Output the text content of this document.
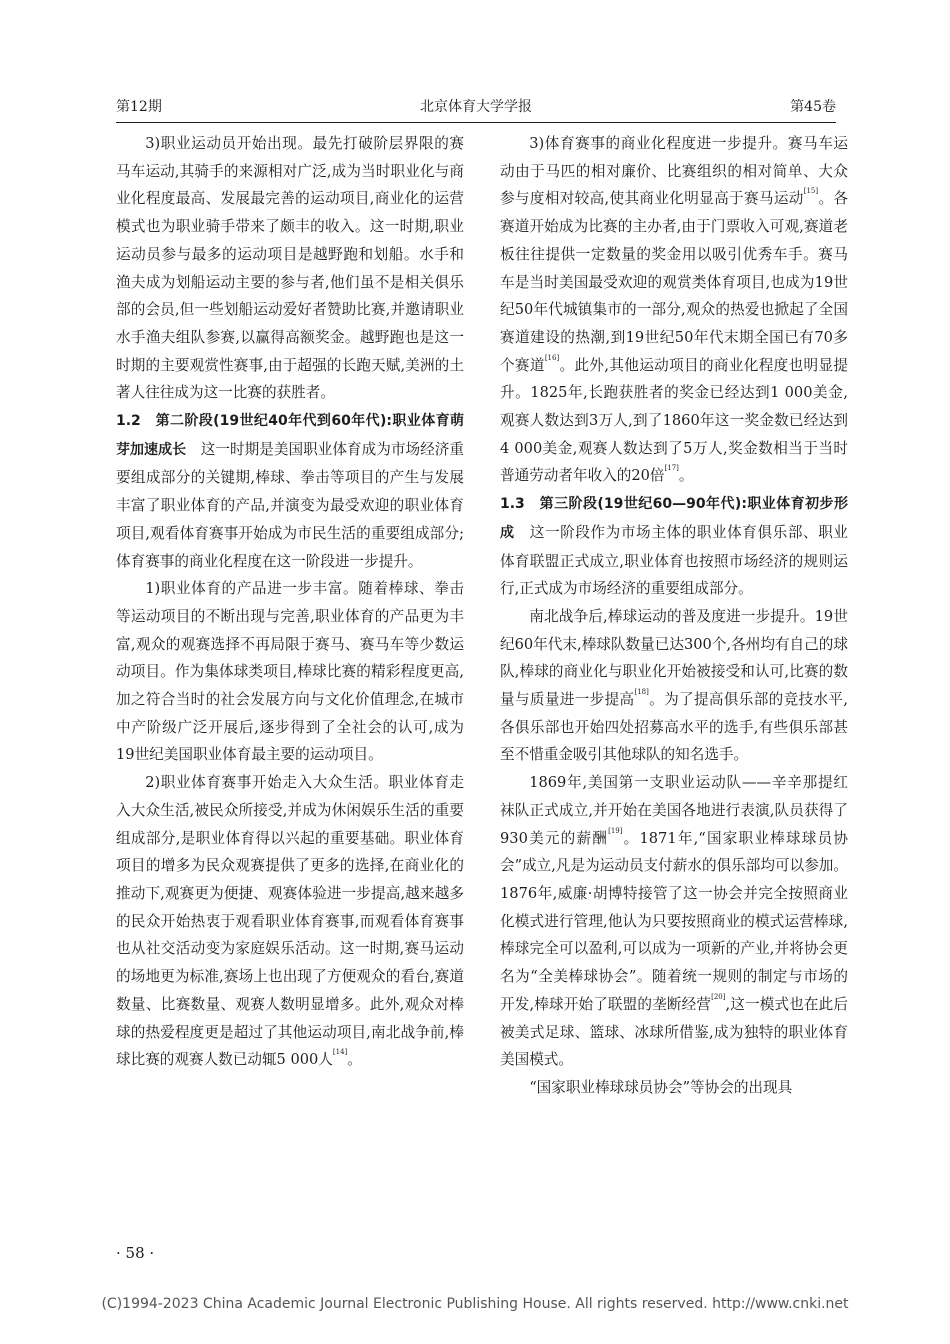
第12期	北京体育大学学报	第45卷

3)职业运动员开始出现。最先打破阶层界限的赛马车运动,其骑手的来源相对广泛,成为当时职业化与商业化程度最高、发展最完善的运动项目,商业化的运营模式也为职业骑手带来了颇丰的收入。这一时期,职业运动员参与最多的运动项目是越野跑和划船。水手和渔夫成为划船运动主要的参与者,他们虽不是相关俱乐部的会员,但一些划船运动爱好者赞助比赛,并邀请职业水手渔夫组队参赛,以赢得高额奖金。越野跑也是这一时期的主要观赏性赛事,由于超强的长跑天赋,美洲的土著人往往成为这一比赛的获胜者。

1.2　第二阶段(19世纪40年代到60年代):职业体育萌芽加速成长　这一时期是美国职业体育成为市场经济重要组成部分的关键期,棒球、拳击等项目的产生与发展丰富了职业体育的产品,并演变为最受欢迎的职业体育项目,观看体育赛事开始成为市民生活的重要组成部分;体育赛事的商业化程度在这一阶段进一步提升。

1)职业体育的产品进一步丰富。随着棒球、拳击等运动项目的不断出现与完善,职业体育的产品更为丰富,观众的观赛选择不再局限于赛马、赛马车等少数运动项目。作为集体球类项目,棒球比赛的精彩程度更高,加之符合当时的社会发展方向与文化价值理念,在城市中产阶级广泛开展后,逐步得到了全社会的认可,成为19世纪美国职业体育最主要的运动项目。

2)职业体育赛事开始走入大众生活。职业体育走入大众生活,被民众所接受,并成为休闲娱乐生活的重要组成部分,是职业体育得以兴起的重要基础。职业体育项目的增多为民众观赛提供了更多的选择,在商业化的推动下,观赛更为便捷、观赛体验进一步提高,越来越多的民众开始热衷于观看职业体育赛事,而观看体育赛事也从社交活动变为家庭娱乐活动。这一时期,赛马运动的场地更为标准,赛场上也出现了方便观众的看台,赛道数量、比赛数量、观赛人数明显增多。此外,观众对棒球的热爱程度更是超过了其他运动项目,南北战争前,棒球比赛的观赛人数已动辄5 000人[14]。

3)体育赛事的商业化程度进一步提升。赛马车运动由于马匹的相对廉价、比赛组织的相对简单、大众参与度相对较高,使其商业化明显高于赛马运动[15]。各赛道开始成为比赛的主办者,由于门票收入可观,赛道老板往往提供一定数量的奖金用以吸引优秀车手。赛马车是当时美国最受欢迎的观赏类体育项目,也成为19世纪50年代城镇集市的一部分,观众的热爱也掀起了全国赛道建设的热潮,到19世纪50年代末期全国已有70多个赛道[16]。此外,其他运动项目的商业化程度也明显提升。1825年,长跑获胜者的奖金已经达到1 000美金,观赛人数达到3万人,到了1860年这一奖金数已经达到4 000美金,观赛人数达到了5万人,奖金数相当于当时普通劳动者年收入的20倍[17]。

1.3　第三阶段(19世纪60—90年代):职业体育初步形成　这一阶段作为市场主体的职业体育俱乐部、职业体育联盟正式成立,职业体育也按照市场经济的规则运行,正式成为市场经济的重要组成部分。

南北战争后,棒球运动的普及度进一步提升。19世纪60年代末,棒球队数量已达300个,各州均有自己的球队,棒球的商业化与职业化开始被接受和认可,比赛的数量与质量进一步提高[18]。为了提高俱乐部的竞技水平,各俱乐部也开始四处招募高水平的选手,有些俱乐部甚至不惜重金吸引其他球队的知名选手。

1869年,美国第一支职业运动队——辛辛那提红袜队正式成立,并开始在美国各地进行表演,队员获得了930美元的薪酬[19]。1871年,“国家职业棒球球员协会”成立,凡是为运动员支付薪水的俱乐部均可以参加。1876年,威廉·胡博特接管了这一协会并完全按照商业化模式进行管理,他认为只要按照商业的模式运营棒球,棒球完全可以盈利,可以成为一项新的产业,并将协会更名为“全美棒球协会”。随着统一规则的制定与市场的开发,棒球开始了联盟的垄断经营[20],这一模式也在此后被美式足球、篮球、冰球所借鉴,成为独特的职业体育美国模式。

“国家职业棒球球员协会”等协会的出现具

· 58 ·
(C)1994-2023 China Academic Journal Electronic Publishing House. All rights reserved. http://www.cnki.net
